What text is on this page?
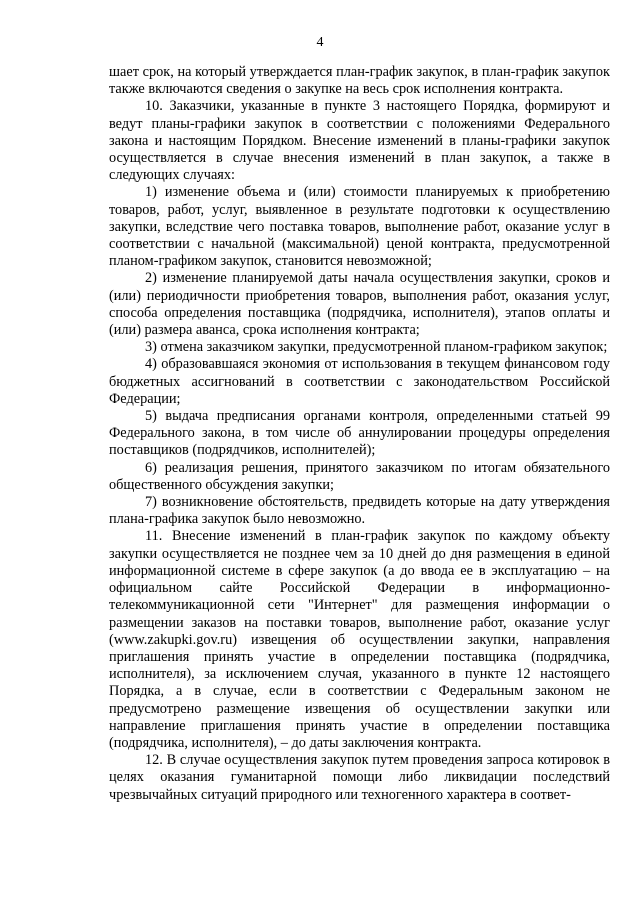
4

шает срок, на который утверждается план-график закупок, в план-график закупок также включаются сведения о закупке на весь срок исполнения контракта.

10. Заказчики, указанные в пункте 3 настоящего Порядка, формируют и ведут планы-графики закупок в соответствии с положениями Федерального закона и настоящим Порядком. Внесение изменений в планы-графики закупок осуществляется в случае внесения изменений в план закупок, а также в следующих случаях:

1) изменение объема и (или) стоимости планируемых к приобретению товаров, работ, услуг, выявленное в результате подготовки к осуществлению закупки, вследствие чего поставка товаров, выполнение работ, оказание услуг в соответствии с начальной (максимальной) ценой контракта, предусмотренной планом-графиком закупок, становится невозможной;

2) изменение планируемой даты начала осуществления закупки, сроков и (или) периодичности приобретения товаров, выполнения работ, оказания услуг, способа определения поставщика (подрядчика, исполнителя), этапов оплаты и (или) размера аванса, срока исполнения контракта;

3) отмена заказчиком закупки, предусмотренной планом-графиком закупок;

4) образовавшаяся экономия от использования в текущем финансовом году бюджетных ассигнований в соответствии с законодательством Российской Федерации;

5) выдача предписания органами контроля, определенными статьей 99 Федерального закона, в том числе об аннулировании процедуры определения поставщиков (подрядчиков, исполнителей);

6) реализация решения, принятого заказчиком по итогам обязательного общественного обсуждения закупки;

7) возникновение обстоятельств, предвидеть которые на дату утверждения плана-графика закупок было невозможно.

11. Внесение изменений в план-график закупок по каждому объекту закупки осуществляется не позднее чем за 10 дней до дня размещения в единой информационной системе в сфере закупок (а до ввода ее в эксплуатацию – на официальном сайте Российской Федерации в информационно-телекоммуникационной сети "Интернет" для размещения информации о размещении заказов на поставки товаров, выполнение работ, оказание услуг (www.zakupki.gov.ru) извещения об осуществлении закупки, направления приглашения принять участие в определении поставщика (подрядчика, исполнителя), за исключением случая, указанного в пункте 12 настоящего Порядка, а в случае, если в соответствии с Федеральным законом не предусмотрено размещение извещения об осуществлении закупки или направление приглашения принять участие в определении поставщика (подрядчика, исполнителя), – до даты заключения контракта.

12. В случае осуществления закупок путем проведения запроса котировок в целях оказания гуманитарной помощи либо ликвидации последствий чрезвычайных ситуаций природного или техногенного характера в соответ-
